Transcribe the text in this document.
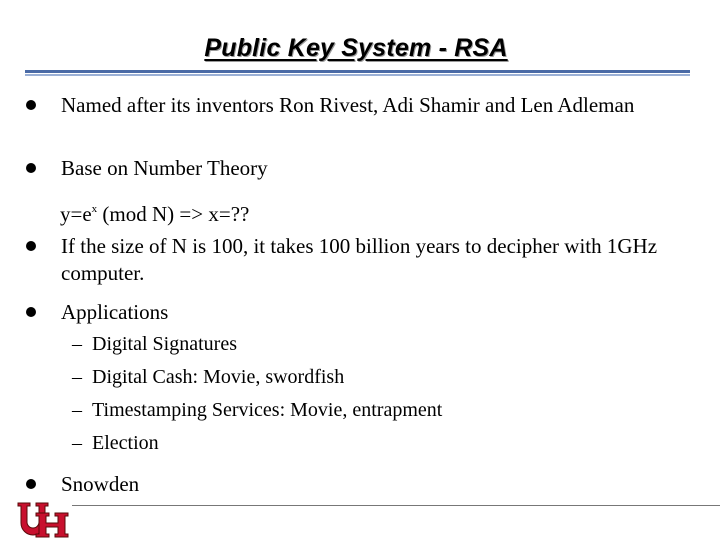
Public Key System - RSA
Named after its inventors Ron Rivest, Adi Shamir and Len Adleman
Base on Number Theory
$y=e^x$ (mod N) => x=??
If the size of N is 100, it takes 100 billion years to decipher with 1GHz computer.
Applications
– Digital Signatures
– Digital Cash: Movie, swordfish
– Timestamping Services: Movie, entrapment
– Election
Snowden
